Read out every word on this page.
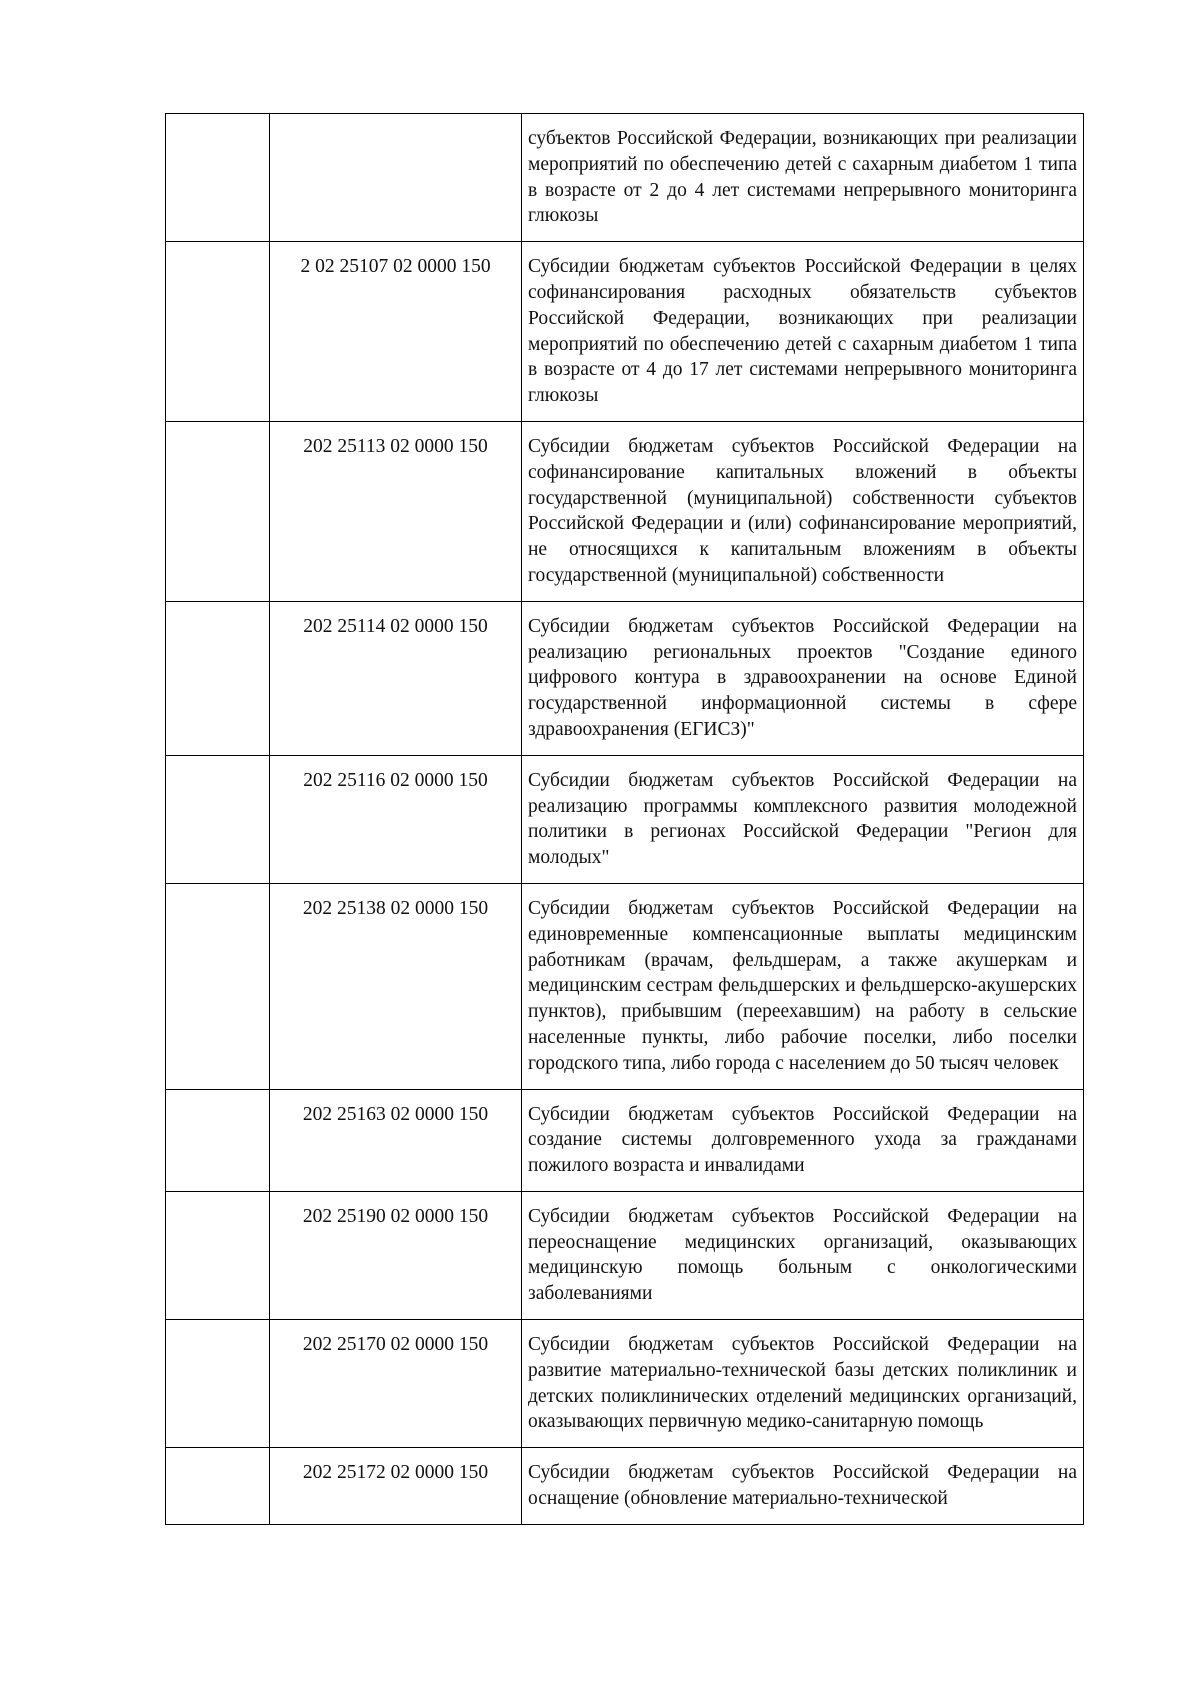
		субъектов Российской Федерации, возникающих при реализации мероприятий по обеспечению детей с сахарным диабетом 1 типа в возрасте от 2 до 4 лет системами непрерывного мониторинга глюкозы
	2 02 25107 02 0000 150	Субсидии бюджетам субъектов Российской Федерации в целях софинансирования расходных обязательств субъектов Российской Федерации, возникающих при реализации мероприятий по обеспечению детей с сахарным диабетом 1 типа в возрасте от 4 до 17 лет системами непрерывного мониторинга глюкозы
	202 25113 02 0000 150	Субсидии бюджетам субъектов Российской Федерации на софинансирование капитальных вложений в объекты государственной (муниципальной) собственности субъектов Российской Федерации и (или) софинансирование мероприятий, не относящихся к капитальным вложениям в объекты государственной (муниципальной) собственности
	202 25114 02 0000 150	Субсидии бюджетам субъектов Российской Федерации на реализацию региональных проектов "Создание единого цифрового контура в здравоохранении на основе Единой государственной информационной системы в сфере здравоохранения (ЕГИСЗ)"
	202 25116 02 0000 150	Субсидии бюджетам субъектов Российской Федерации на реализацию программы комплексного развития молодежной политики в регионах Российской Федерации "Регион для молодых"
	202 25138 02 0000 150	Субсидии бюджетам субъектов Российской Федерации на единовременные компенсационные выплаты медицинским работникам (врачам, фельдшерам, а также акушеркам и медицинским сестрам фельдшерских и фельдшерско-акушерских пунктов), прибывшим (переехавшим) на работу в сельские населенные пункты, либо рабочие поселки, либо поселки городского типа, либо города с населением до 50 тысяч человек
	202 25163 02 0000 150	Субсидии бюджетам субъектов Российской Федерации на создание системы долговременного ухода за гражданами пожилого возраста и инвалидами
	202 25190 02 0000 150	Субсидии бюджетам субъектов Российской Федерации на переоснащение медицинских организаций, оказывающих медицинскую помощь больным с онкологическими заболеваниями
	202 25170 02 0000 150	Субсидии бюджетам субъектов Российской Федерации на развитие материально-технической базы детских поликлиник и детских поликлинических отделений медицинских организаций, оказывающих первичную медико-санитарную помощь
	202 25172 02 0000 150	Субсидии бюджетам субъектов Российской Федерации на оснащение (обновление материально-технической
